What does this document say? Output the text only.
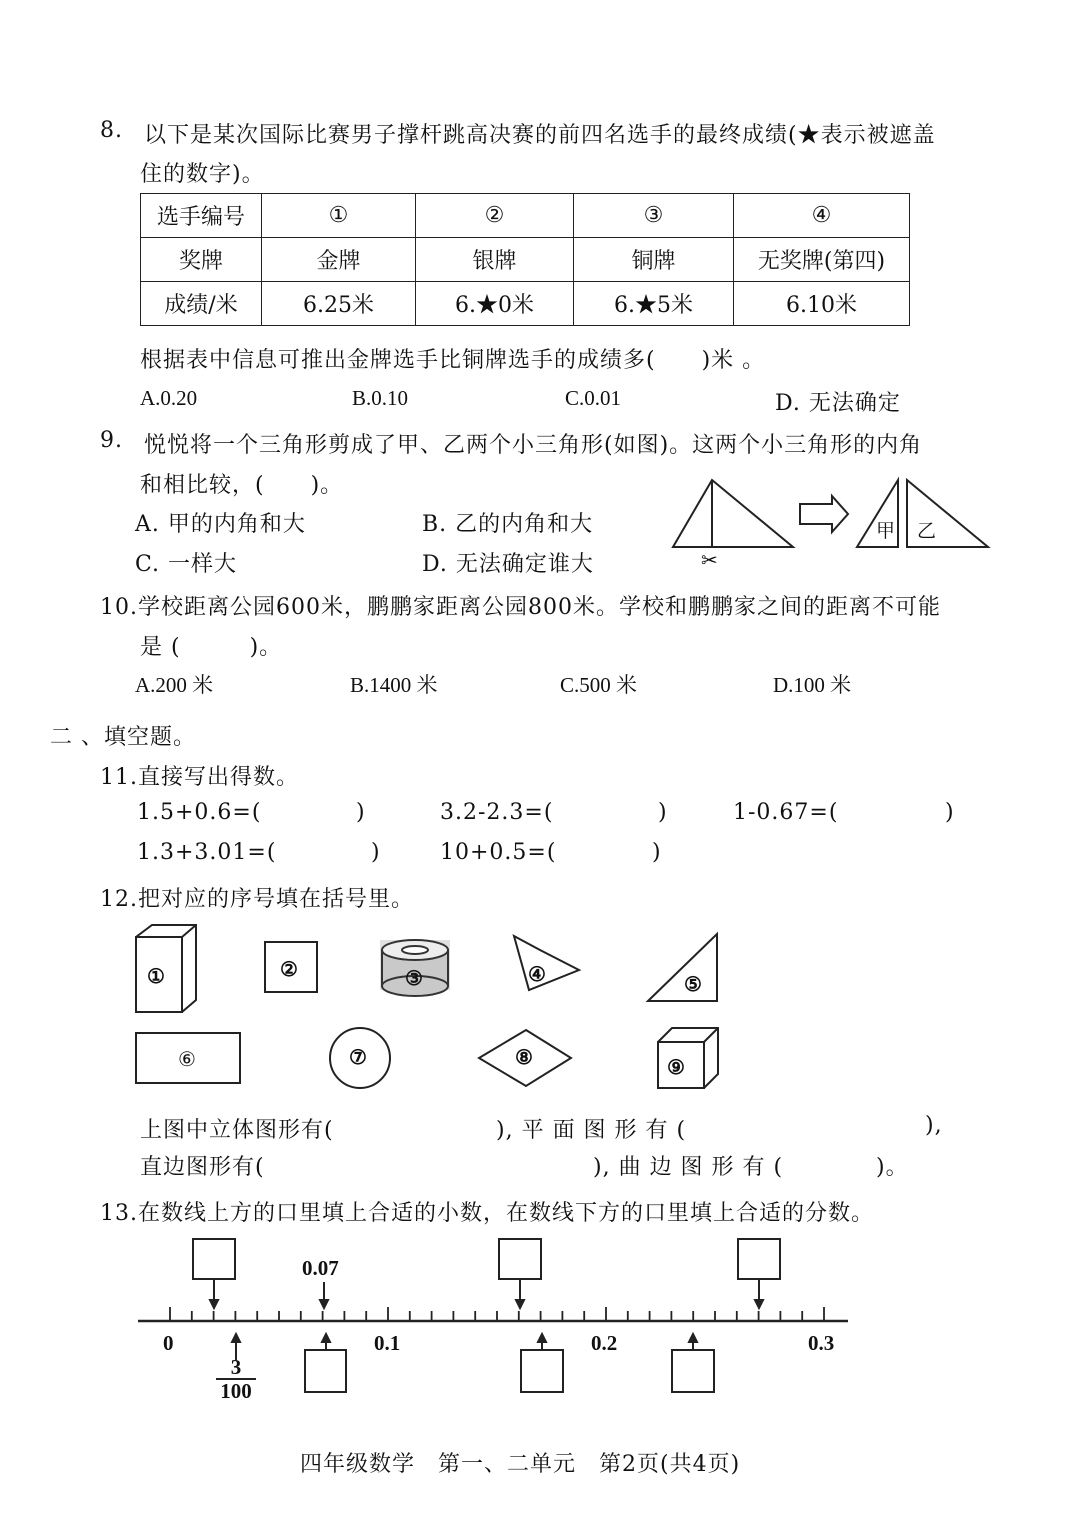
8. 以下是某次国际比赛男子撑杆跳高决赛的前四名选手的最终成绩(★表示被遮盖
住的数字)。
选手编号	①	②	③	④
奖牌	金牌	银牌	铜牌	无奖牌(第四)
成绩/米	6.25米	6.★0米	6.★5米	6.10米
根据表中信息可推出金牌选手比铜牌选手的成绩多(　　)米 。
A.0.20	B.0.10	C.0.01	D. 无法确定
9. 悦悦将一个三角形剪成了甲、乙两个小三角形(如图)。这两个小三角形的内角
和相比较，(　　)。
A. 甲的内角和大	B. 乙的内角和大
C. 一样大	D. 无法确定谁大
甲 乙
✂
10.学校距离公园600米，鹏鹏家距离公园800米。学校和鹏鹏家之间的距离不可能
是 (　　　)。
A.200 米	B.1400 米	C.500 米	D.100 米
二 、填空题。
11.直接写出得数。
1.5+0.6=(	)	3.2-2.3=(	)	1-0.67=(	)
1.3+3.01=(	)	10+0.5=(	)
12.把对应的序号填在括号里。
①	②	③	④	⑤
⑥	⑦	⑧	⑨
上图中立体图形有(	), 平 面 图 形 有 (	),
直边图形有(	), 曲 边 图 形 有 (	)。
13.在数线上方的口里填上合适的小数，在数线下方的口里填上合适的分数。
0.07
0	0.1	0.2	0.3
$\frac{3}{100}$
四年级数学　第一、二单元　第2页(共4页)
